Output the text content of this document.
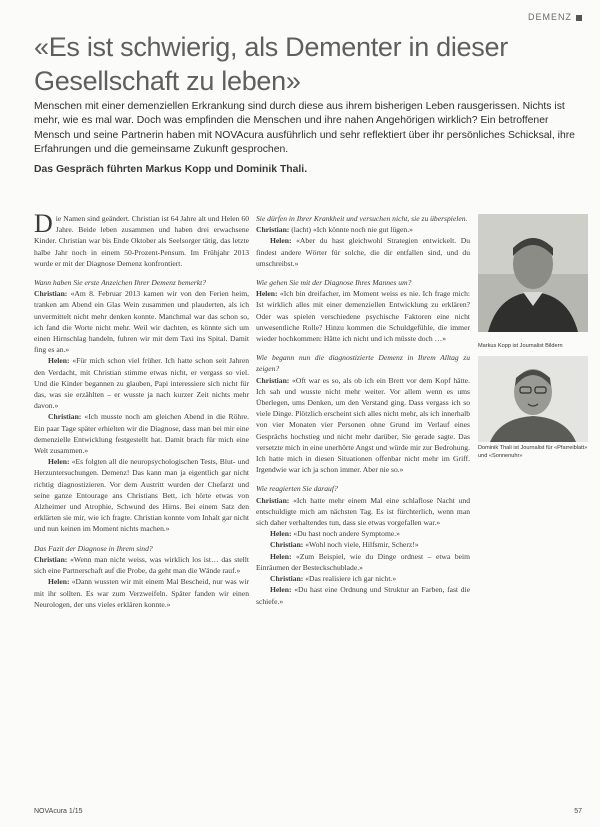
DEMENZ
«Es ist schwierig, als Dementer in dieser Gesellschaft zu leben»

Menschen mit einer demenziellen Erkrankung sind durch diese aus ihrem bisherigen Leben rausgerissen. Nichts ist mehr, wie es mal war. Doch was empfinden die Menschen und ihre nahen Angehörigen wirklich? Ein betroffener Mensch und seine Partnerin haben mit NOVAcura ausführlich und sehr reflektiert über ihr persönliches Schicksal, ihre Erfahrungen und die gemeinsame Zukunft gesprochen.

Das Gespräch führten Markus Kopp und Dominik Thali.

Die Namen sind geändert. Christian ist 64 Jahre alt und Helen 60 Jahre. Beide leben zusammen und haben drei erwachsene Kinder. Christian war bis Ende Oktober als Seelsorger tätig, das letzte halbe Jahr noch in einem 50-Prozent-Pensum. Im Frühjahr 2013 wurde er mit der Diagnose Demenz konfrontiert.

Wann haben Sie erste Anzeichen Ihrer Demenz bemerkt?

Christian: «Am 8. Februar 2013 kamen wir von den Ferien heim, tranken am Abend ein Glas Wein zusammen und plauderten, als ich unvermittelt nicht mehr denken konnte. Manchmal war das schon so, ich fand die Worte nicht mehr. Weil wir dachten, es könnte sich um einen Hirnschlag handeln, fuhren wir mit dem Taxi ins Spital. Damit fing es an.»

Helen: «Für mich schon viel früher. Ich hatte schon seit Jahren den Verdacht, mit Christian stimme etwas nicht, er vergass so viel. Und die Kinder begannen zu glauben, Papi interessiere sich nicht für das, was sie erzählten – er wusste ja nach kurzer Zeit nichts mehr davon.»

Christian: «Ich musste noch am gleichen Abend in die Röhre. Ein paar Tage später erhielten wir die Diagnose, dass man bei mir eine demenzielle Entwicklung festgestellt hat. Damit brach für mich eine Welt zusammen.»

Helen: «Es folgten all die neuropsychologischen Tests, Blut- und Herzuntersuchungen. Demenz! Das kann man ja eigentlich gar nicht richtig diagnostizieren. Vor dem Austritt wurden der Chefarzt und seine ganze Entourage ans Christians Bett, ich hörte etwas von Alzheimer und Atrophie, Schwund des Hirns. Bei einem Satz den erklärten sie mir, wie ich fragte. Christian konnte vom Inhalt gar nicht und nun keinen im Moment nichts machen.»

Das Fazit der Diagnose in Ihrem sind?

Christian: «Wenn man nicht weiss, was wirklich los ist… das stellt sich eine Partnerschaft auf die Probe, da geht man die Wände rauf.»

Helen: «Dann wussten wir mit einem Mal Bescheid, nur was wir mit ihr sollten. Es war zum Verzweifeln. Später fanden wir einen Neurologen, der uns vieles erklären konnte.»

Sie dürfen in Ihrer Krankheit und versuchen nicht, sie zu überspielen.

Christian: (lacht) «Ich könnte noch nie gut lügen.»

Helen: «Aber du hast gleichwohl Strategien entwickelt. Du findest andere Wörter für solche, die dir entfallen sind, und du umschreibst.»

Wie gehen Sie mit der Diagnose Ihres Mannes um?

Helen: «Ich bin dreifacher, im Moment weiss es nie. Ich frage mich: Ist wirklich alles mit einer demenziellen Entwicklung zu erklären? Oder was spielen verschiedene psychische Faktoren eine nicht unwesentliche Rolle? Hinzu kommen die Schuldgefühle, die immer wieder hochkommen: Hätte ich nicht und ich müsste doch …»

Wie begann nun die diagnostizierte Demenz in Ihrem Alltag zu zeigen?

Christian: «Oft war es so, als ob ich ein Brett vor dem Kopf hätte. Ich sah und wusste nicht mehr weiter. Vor allem wenn es ums Überlegen, ums Denken, um den Verstand ging. Dass vergass ich so viele Dinge. Plötzlich erscheint sich alles nicht mehr, als ich innerhalb von vier Monaten vier Personen ohne Grund im Verlauf eines Gesprächs hochstieg und nicht mehr darüber, Sie gerade sagte. Das versetzte mich in eine unerhörte Angst und würde mir zur Bedrohung. Ich hatte mich in diesen Situationen offenbar nicht mehr im Griff. Irgendwie war ich ja schon immer. Aber nie so.»

Wie reagierten Sie darauf?

Christian: «Ich hatte mehr einem Mal eine schlaflose Nacht und entschuldigte mich am nächsten Tag. Es ist fürchterlich, wenn man sich daher verhaltendes tun, dass sie etwas vorgefallen war.»

Helen: «Du hast noch andere Symptome.»

Christian: «Wohl noch viele, Hilfsmir, Scherz!»

Helen: «Zum Beispiel, wie du Dinge ordnest – etwa beim Einräumen der Besteckschublade.»

Christian: «Das realisiere ich gar nicht.»

Helen: «Du hast eine Ordnung und Struktur an Farben, fast die schiefe.»

Markus Kopp ist Journalist Bildern
Dominik Thali ist Journalist für «Pfarreiblatt» und «Sonnenuhr»
NOVAcura 1/15	57
